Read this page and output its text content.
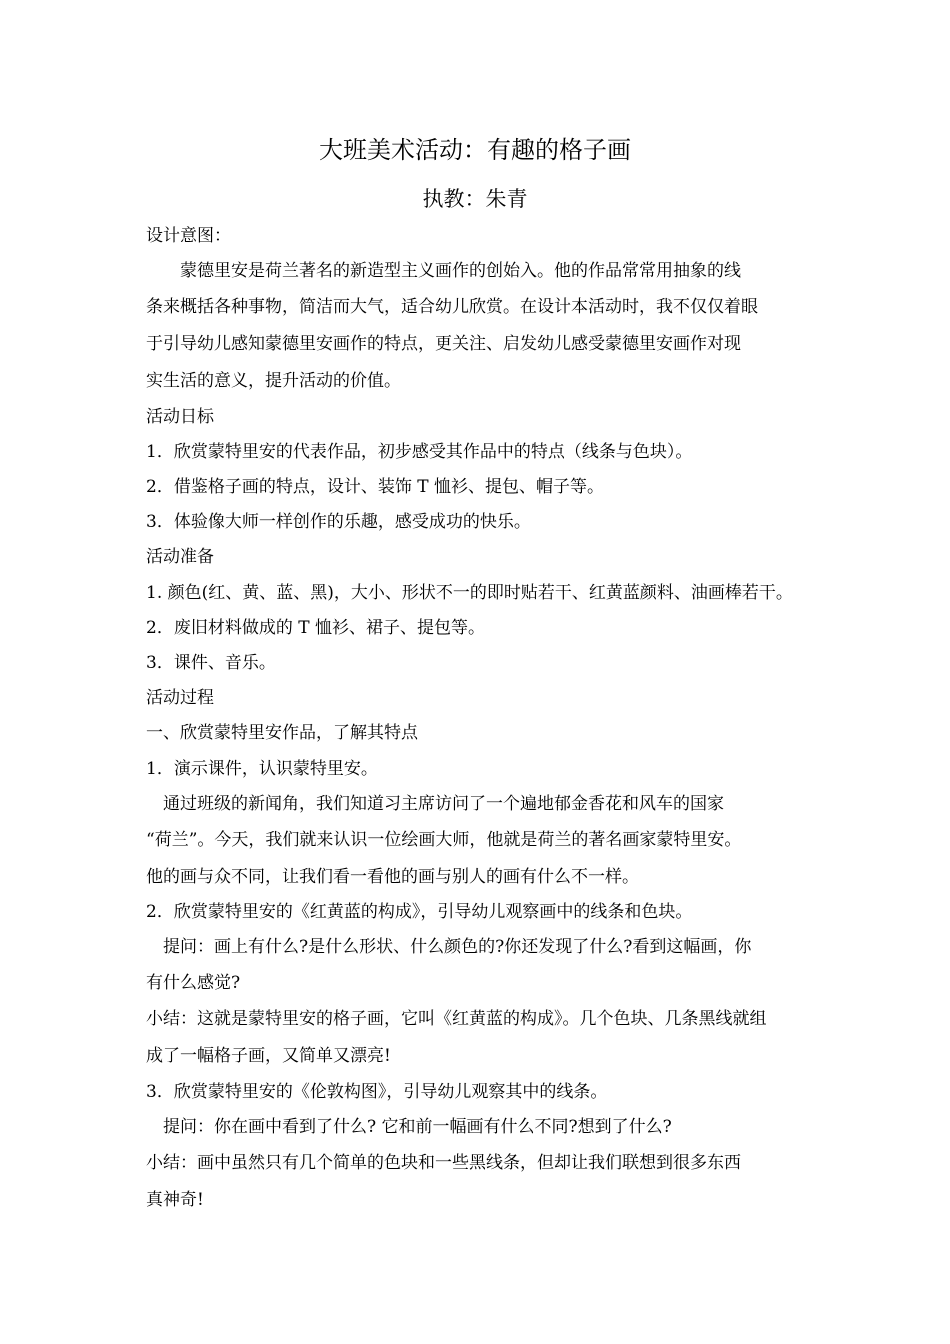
大班美术活动：有趣的格子画
执教：朱青
设计意图：
　　蒙德里安是荷兰著名的新造型主义画作的创始入。他的作品常常用抽象的线
条来概括各种事物，简洁而大气，适合幼儿欣赏。在设计本活动时，我不仅仅着眼
于引导幼儿感知蒙德里安画作的特点，更关注、启发幼儿感受蒙德里安画作对现
实生活的意义，提升活动的价值。
活动日标
1．欣赏蒙特里安的代表作品，初步感受其作品中的特点（线条与色块）。
2．借鉴格子画的特点，设计、装饰 T 恤衫、提包、帽子等。
3．体验像大师一样创作的乐趣，感受成功的快乐。
活动准备
1. 颜色(红、黄、蓝、黑)，大小、形状不一的即时贴若干、红黄蓝颜料、油画棒若干。
2．废旧材料做成的 T 恤衫、裙子、提包等。
3．课件、音乐。
活动过程
一、欣赏蒙特里安作品，了解其特点
1．演示课件，认识蒙特里安。
　通过班级的新闻角，我们知道习主席访问了一个遍地郁金香花和风车的国家
“荷兰”。今天，我们就来认识一位绘画大师，他就是荷兰的著名画家蒙特里安。
他的画与众不同，让我们看一看他的画与别人的画有什么不一样。
2．欣赏蒙特里安的《红黄蓝的构成》，引导幼儿观察画中的线条和色块。
　提问：画上有什么?是什么形状、什么颜色的?你还发现了什么?看到这幅画，你
有什么感觉?
小结：这就是蒙特里安的格子画，它叫《红黄蓝的构成》。几个色块、几条黑线就组
成了一幅格子画，又简单又漂亮!
3．欣赏蒙特里安的《伦敦构图》，引导幼儿观察其中的线条。
　提问：你在画中看到了什么? 它和前一幅画有什么不同?想到了什么?
小结：画中虽然只有几个简单的色块和一些黑线条，但却让我们联想到很多东西
真神奇!
